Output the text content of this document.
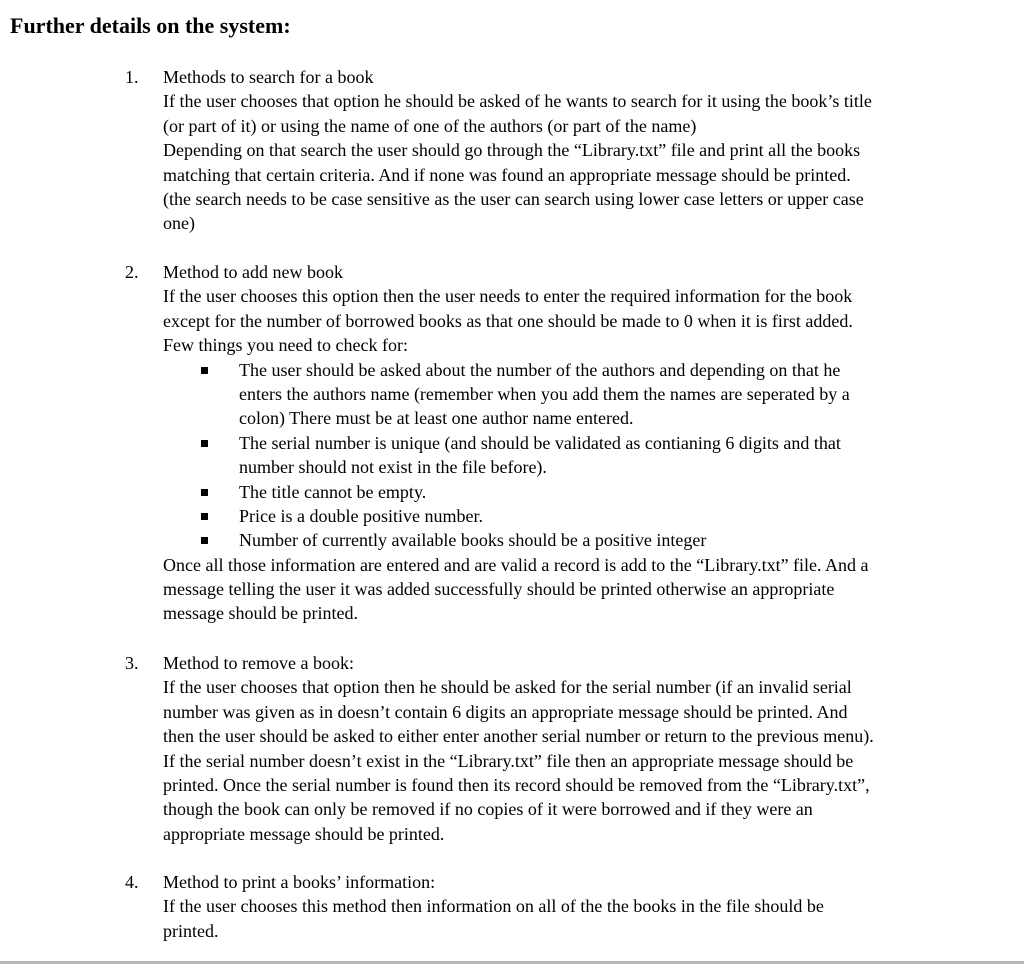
Further details on the system:
1. Methods to search for a book
If the user chooses that option he should be asked of he wants to search for it using the book’s title
(or part of it) or using the name of one of the authors (or part of the name)
Depending on that search the user should go through the “Library.txt” file and print all the books
matching that certain criteria. And if none was found an appropriate message should be printed.
(the search needs to be case sensitive as the user can search using lower case letters or upper case
one)
2. Method to add new book
If the user chooses this option then the user needs to enter the required information for the book
except for the number of borrowed books as that one should be made to 0 when it is first added.
Few things you need to check for:
The user should be asked about the number of the authors and depending on that he
enters the authors name (remember when you add them the names are seperated by a
colon) There must be at least one author name entered.
The serial number is unique (and should be validated as contianing 6 digits and that
number should not exist in the file before).
The title cannot be empty.
Price is a double positive number.
Number of currently available books should be a positive integer
Once all those information are entered and are valid a record is add to the “Library.txt” file. And a
message telling the user it was added successfully should be printed otherwise an appropriate
message should be printed.
3. Method to remove a book:
If the user chooses that option then he should be asked for the serial number (if an invalid serial
number was given as in doesn’t contain 6 digits an appropriate message should be printed. And
then the user should be asked to either enter another serial number or return to the previous menu).
If the serial number doesn’t exist in the “Library.txt” file then an appropriate message should be
printed. Once the serial number is found then its record should be removed from the “Library.txt”,
though the book can only be removed if no copies of it were borrowed and if they were an
appropriate message should be printed.
4. Method to print a books’ information:
If the user chooses this method then information on all of the the books in the file should be
printed.
